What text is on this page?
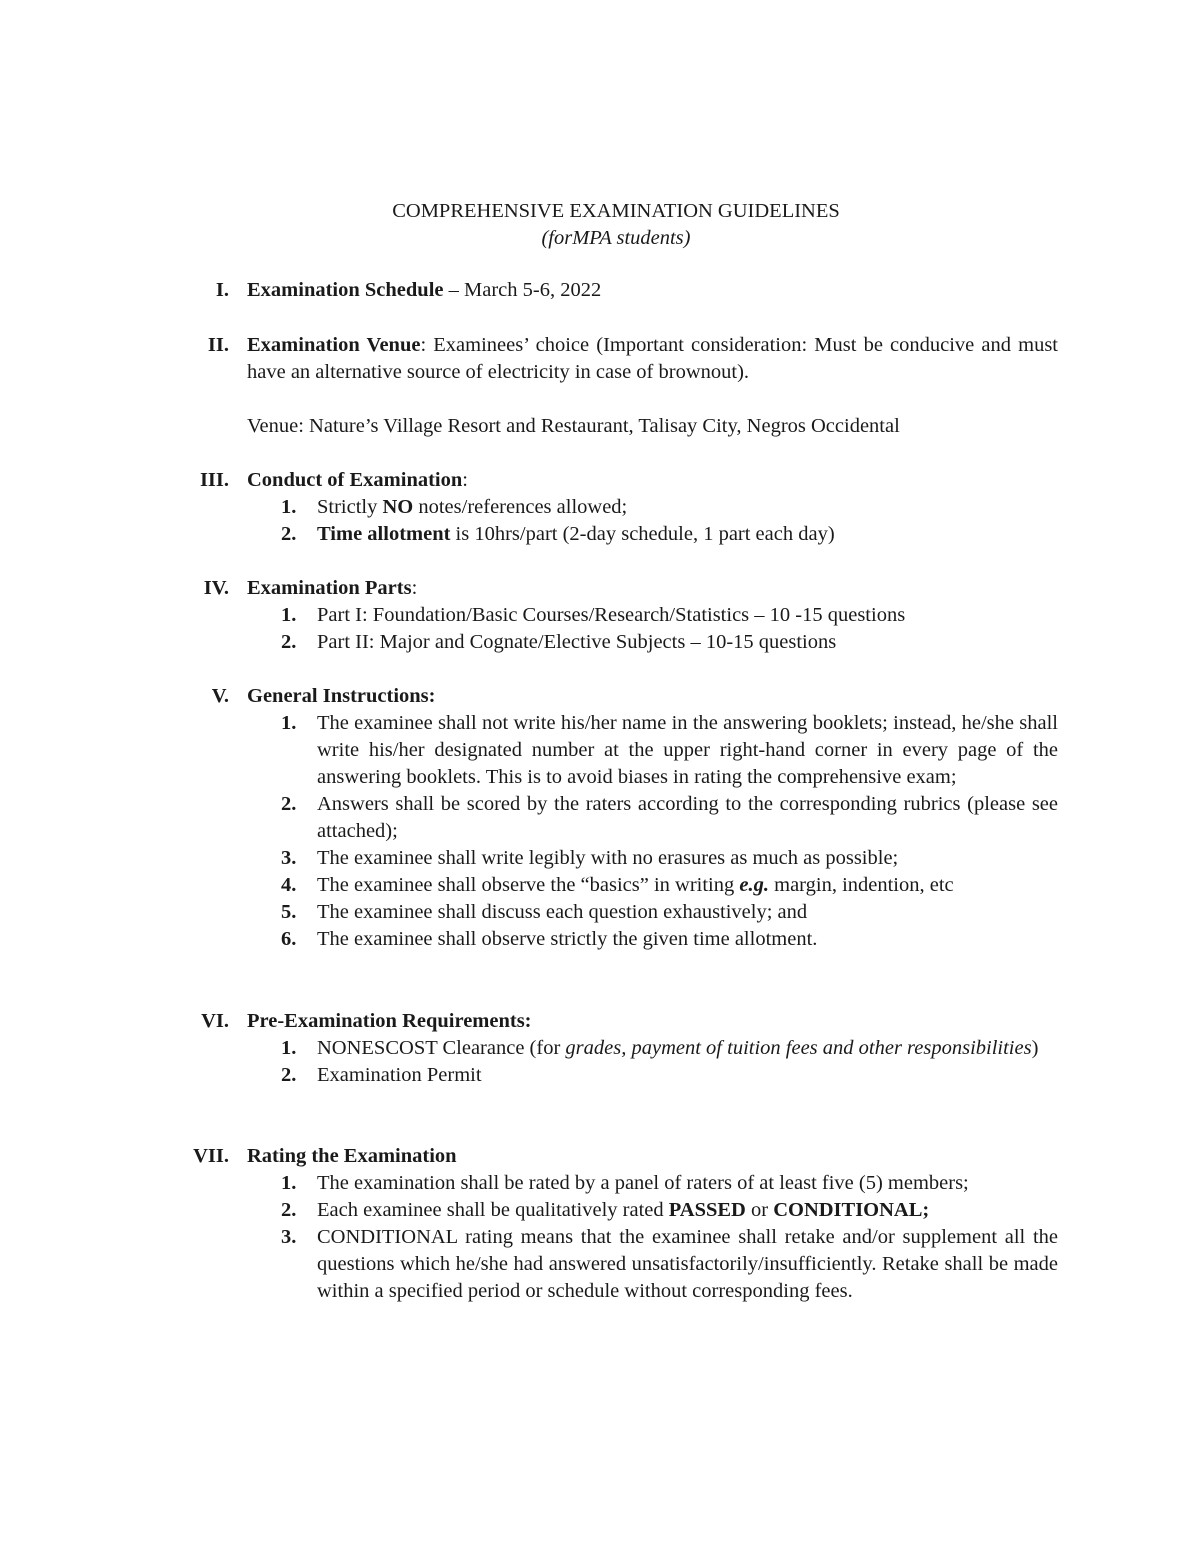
COMPREHENSIVE EXAMINATION GUIDELINES
(forMPA students)
I. Examination Schedule – March 5-6, 2022
II. Examination Venue: Examinees’ choice (Important consideration: Must be conducive and must have an alternative source of electricity in case of brownout).
Venue: Nature’s Village Resort and Restaurant, Talisay City, Negros Occidental
III. Conduct of Examination:
1.	Strictly NO notes/references allowed;
2.	Time allotment is 10hrs/part (2-day schedule, 1 part each day)
IV. Examination Parts:
1.	Part I: Foundation/Basic Courses/Research/Statistics – 10 -15 questions
2.	Part II: Major and Cognate/Elective Subjects – 10-15 questions
V. General Instructions:
1.	The examinee shall not write his/her name in the answering booklets; instead, he/she shall write his/her designated number at the upper right-hand corner in every page of the answering booklets. This is to avoid biases in rating the comprehensive exam;
2.	Answers shall be scored by the raters according to the corresponding rubrics (please see attached);
3.	The examinee shall write legibly with no erasures as much as possible;
4.	The examinee shall observe the “basics” in writing e.g. margin, indention, etc
5.	The examinee shall discuss each question exhaustively; and
6.	The examinee shall observe strictly the given time allotment.
VI. Pre-Examination Requirements:
1.	NONESCOST Clearance (for grades, payment of tuition fees and other responsibilities)
2.	Examination Permit
VII. Rating the Examination
1.	The examination shall be rated by a panel of raters of at least five (5) members;
2.	Each examinee shall be qualitatively rated PASSED or CONDITIONAL;
3.	CONDITIONAL rating means that the examinee shall retake and/or supplement all the questions which he/she had answered unsatisfactorily/insufficiently. Retake shall be made within a specified period or schedule without corresponding fees.
